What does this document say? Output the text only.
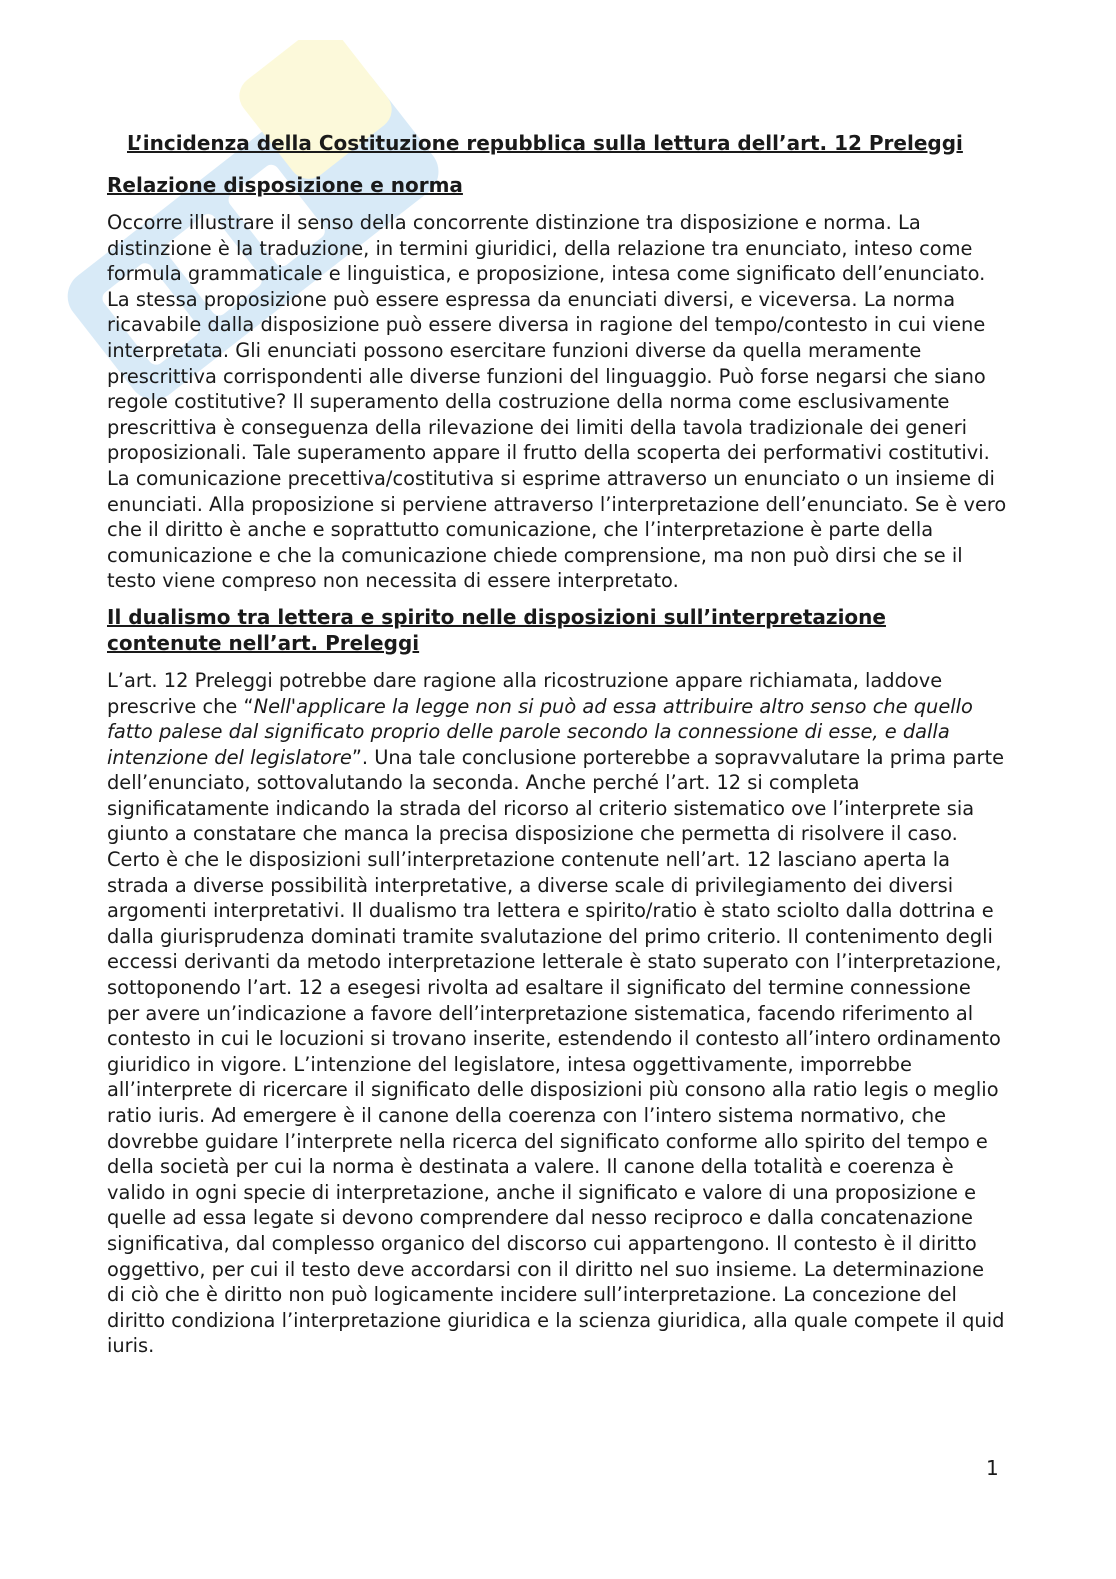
L’incidenza della Costituzione repubblica sulla lettura dell’art. 12 Preleggi
Relazione disposizione e norma

Occorre illustrare il senso della concorrente distinzione tra disposizione e norma. La distinzione è la traduzione, in termini giuridici, della relazione tra enunciato, inteso come formula grammaticale e linguistica, e proposizione, intesa come significato dell’enunciato. La stessa proposizione può essere espressa da enunciati diversi, e viceversa. La norma ricavabile dalla disposizione può essere diversa in ragione del tempo/contesto in cui viene interpretata. Gli enunciati possono esercitare funzioni diverse da quella meramente prescrittiva corrispondenti alle diverse funzioni del linguaggio. Può forse negarsi che siano regole costitutive? Il superamento della costruzione della norma come esclusivamente prescrittiva è conseguenza della rilevazione dei limiti della tavola tradizionale dei generi proposizionali. Tale superamento appare il frutto della scoperta dei performativi costitutivi. La comunicazione precettiva/costitutiva si esprime attraverso un enunciato o un insieme di enunciati. Alla proposizione si perviene attraverso l’interpretazione dell’enunciato. Se è vero che il diritto è anche e soprattutto comunicazione, che l’interpretazione è parte della comunicazione e che la comunicazione chiede comprensione, ma non può dirsi che se il testo viene compreso non necessita di essere interpretato.

Il dualismo tra lettera e spirito nelle disposizioni sull’interpretazione contenute nell’art. Preleggi

L’art. 12 Preleggi potrebbe dare ragione alla ricostruzione appare richiamata, laddove prescrive che “Nell'applicare la legge non si può ad essa attribuire altro senso che quello fatto palese dal significato proprio delle parole secondo la connessione di esse, e dalla intenzione del legislatore”. Una tale conclusione porterebbe a sopravvalutare la prima parte dell’enunciato, sottovalutando la seconda. Anche perché l’art. 12 si completa significatamente indicando la strada del ricorso al criterio sistematico ove l’interprete sia giunto a constatare che manca la precisa disposizione che permetta di risolvere il caso. Certo è che le disposizioni sull’interpretazione contenute nell’art. 12 lasciano aperta la strada a diverse possibilità interpretative, a diverse scale di privilegiamento dei diversi argomenti interpretativi. Il dualismo tra lettera e spirito/ratio è stato sciolto dalla dottrina e dalla giurisprudenza dominati tramite svalutazione del primo criterio. Il contenimento degli eccessi derivanti da metodo interpretazione letterale è stato superato con l’interpretazione, sottoponendo l’art. 12 a esegesi rivolta ad esaltare il significato del termine connessione per avere un’indicazione a favore dell’interpretazione sistematica, facendo riferimento al contesto in cui le locuzioni si trovano inserite, estendendo il contesto all’intero ordinamento giuridico in vigore. L’intenzione del legislatore, intesa oggettivamente, imporrebbe all’interprete di ricercare il significato delle disposizioni più consono alla ratio legis o meglio ratio iuris. Ad emergere è il canone della coerenza con l’intero sistema normativo, che dovrebbe guidare l’interprete nella ricerca del significato conforme allo spirito del tempo e della società per cui la norma è destinata a valere. Il canone della totalità e coerenza è valido in ogni specie di interpretazione, anche il significato e valore di una proposizione e quelle ad essa legate si devono comprendere dal nesso reciproco e dalla concatenazione significativa, dal complesso organico del discorso cui appartengono. Il contesto è il diritto oggettivo, per cui il testo deve accordarsi con il diritto nel suo insieme. La determinazione di ciò che è diritto non può logicamente incidere sull’interpretazione. La concezione del diritto condiziona l’interpretazione giuridica e la scienza giuridica, alla quale compete il quid iuris.

1
